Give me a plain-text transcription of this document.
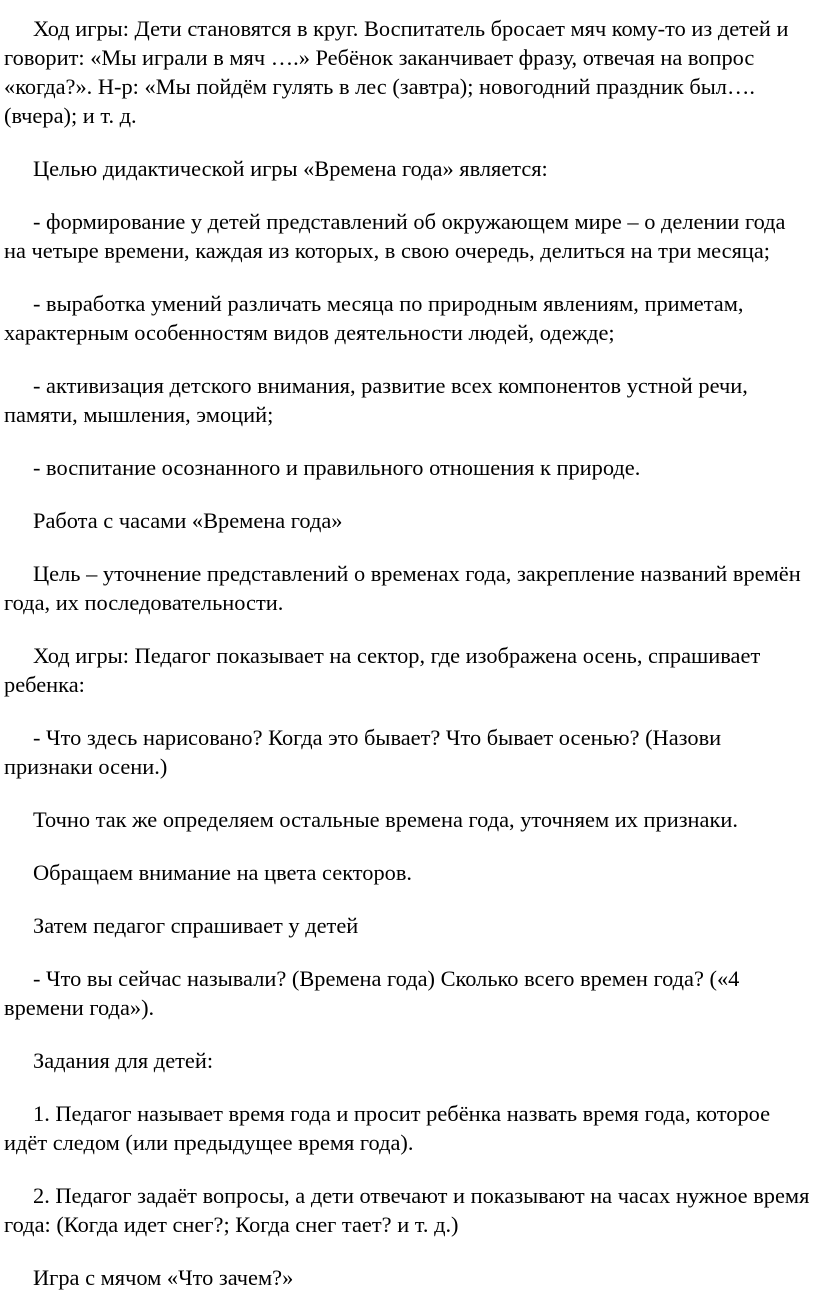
Ход игры: Дети становятся в круг. Воспитатель бросает мяч кому-то из детей и говорит: «Мы играли в мяч ….» Ребёнок заканчивает фразу, отвечая на вопрос «когда?». Н-р: «Мы пойдём гулять в лес (завтра); новогодний праздник был…. (вчера); и т. д.

Целью дидактической игры «Времена года» является:

- формирование у детей представлений об окружающем мире – о делении года на четыре времени, каждая из которых, в свою очередь, делиться на три месяца;

- выработка умений различать месяца по природным явлениям, приметам, характерным особенностям видов деятельности людей, одежде;

- активизация детского внимания, развитие всех компонентов устной речи, памяти, мышления, эмоций;

- воспитание осознанного и правильного отношения к природе.

Работа с часами «Времена года»

Цель – уточнение представлений о временах года, закрепление названий времён года, их последовательности.

Ход игры: Педагог показывает на сектор, где изображена осень, спрашивает ребенка:

- Что здесь нарисовано? Когда это бывает? Что бывает осенью? (Назови признаки осени.)

Точно так же определяем остальные времена года, уточняем их признаки.

Обращаем внимание на цвета секторов.

Затем педагог спрашивает у детей

- Что вы сейчас называли? (Времена года) Сколько всего времен года? («4 времени года»).

Задания для детей:

1. Педагог называет время года и просит ребёнка назвать время года, которое идёт следом (или предыдущее время года).

2. Педагог задаёт вопросы, а дети отвечают и показывают на часах нужное время года: (Когда идет снег?; Когда снег тает? и т. д.)

Игра с мячом «Что зачем?»
